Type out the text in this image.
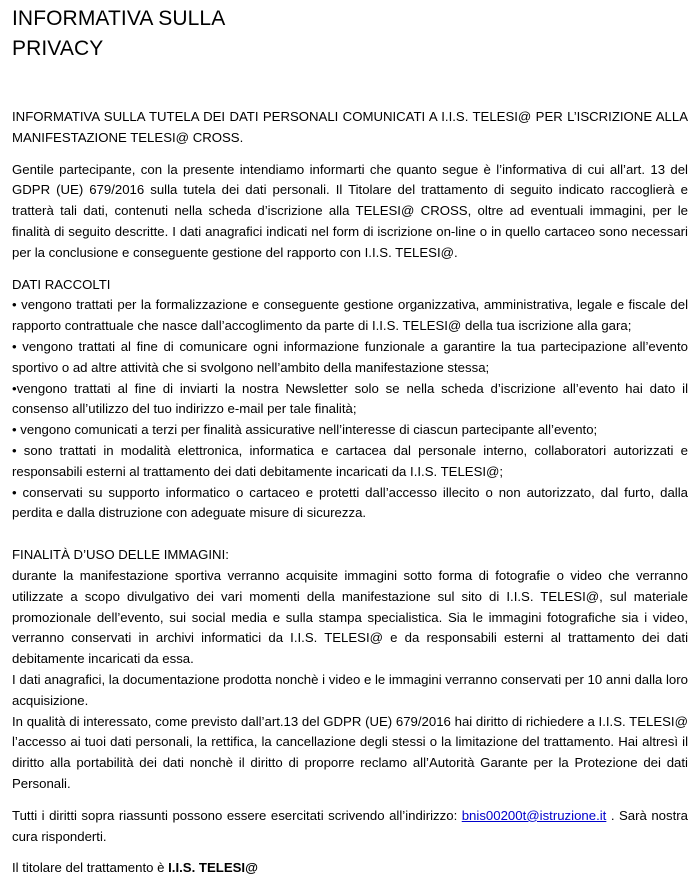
INFORMATIVA SULLA
PRIVACY

INFORMATIVA SULLA TUTELA DEI DATI PERSONALI COMUNICATI A I.I.S. TELESI@ PER L’ISCRIZIONE ALLA MANIFESTAZIONE TELESI@ CROSS.

Gentile partecipante, con la presente intendiamo informarti che quanto segue è l’informativa di cui all’art. 13 del GDPR (UE) 679/2016 sulla tutela dei dati personali. Il Titolare del trattamento di seguito indicato raccoglierà e tratterà tali dati, contenuti nella scheda d’iscrizione alla TELESI@ CROSS, oltre ad eventuali immagini, per le finalità di seguito descritte. I dati anagrafici indicati nel form di iscrizione on-line o in quello cartaceo sono necessari per la conclusione e conseguente gestione del rapporto con I.I.S. TELESI@.

DATI RACCOLTI

• vengono trattati per la formalizzazione e conseguente gestione organizzativa, amministrativa, legale e fiscale del rapporto contrattuale che nasce dall’accoglimento da parte di I.I.S. TELESI@ della tua iscrizione alla gara;
• vengono trattati al fine di comunicare ogni informazione funzionale a garantire la tua partecipazione all’evento sportivo o ad altre attività che si svolgono nell’ambito della manifestazione stessa;
•vengono trattati al fine di inviarti la nostra Newsletter solo se nella scheda d’iscrizione all’evento hai dato il consenso all’utilizzo del tuo indirizzo e-mail per tale finalità;
• vengono comunicati a terzi per finalità assicurative nell’interesse di ciascun partecipante all’evento;
• sono trattati in modalità elettronica, informatica e cartacea dal personale interno, collaboratori autorizzati e responsabili esterni al trattamento dei dati debitamente incaricati da I.I.S. TELESI@;
• conservati su supporto informatico o cartaceo e protetti dall’accesso illecito o non autorizzato, dal furto, dalla perdita e dalla distruzione con adeguate misure di sicurezza.

FINALITÀ D’USO DELLE IMMAGINI:

durante la manifestazione sportiva verranno acquisite immagini sotto forma di fotografie o video che verranno utilizzate a scopo divulgativo dei vari momenti della manifestazione sul sito di I.I.S. TELESI@, sul materiale promozionale dell’evento, sui social media e sulla stampa specialistica. Sia le immagini fotografiche sia i video, verranno conservati in archivi informatici da I.I.S. TELESI@ e da responsabili esterni al trattamento dei dati debitamente incaricati da essa.

I dati anagrafici, la documentazione prodotta nonchè i video e le immagini verranno conservati per 10 anni dalla loro acquisizione.

In qualità di interessato, come previsto dall’art.13 del GDPR (UE) 679/2016 hai diritto di richiedere a I.I.S. TELESI@ l’accesso ai tuoi dati personali, la rettifica, la cancellazione degli stessi o la limitazione del trattamento. Hai altresì il diritto alla portabilità dei dati nonchè il diritto di proporre reclamo all’Autorità Garante per la Protezione dei dati Personali.

Tutti i diritti sopra riassunti possono essere esercitati scrivendo all’indirizzo: bnis00200t@istruzione.it . Sarà nostra cura risponderti.

Il titolare del trattamento è I.I.S. TELESI@
